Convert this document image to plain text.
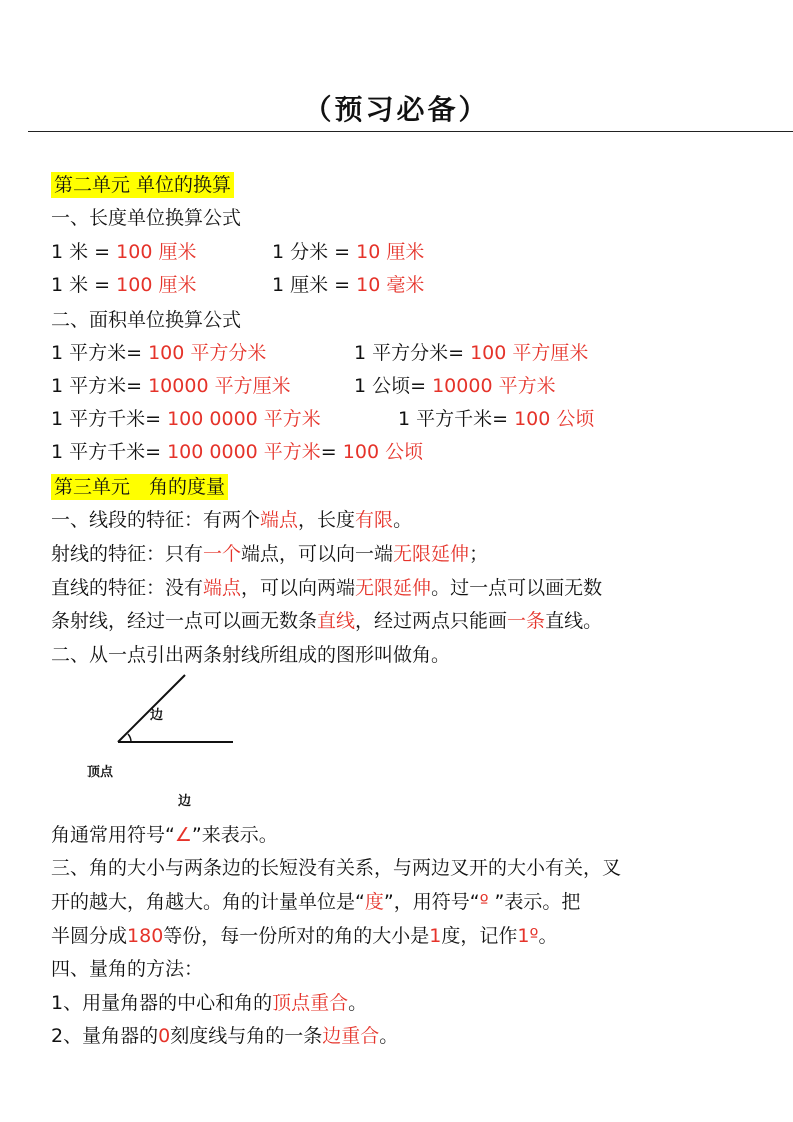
（预习必备）
第二单元 单位的换算
一、长度单位换算公式
1 米 = 100 厘米	1 分米 = 10 厘米
1 米 = 100 厘米	1 厘米 = 10 毫米
二、面积单位换算公式
1 平方米= 100 平方分米	1 平方分米= 100 平方厘米
1 平方米= 10000 平方厘米	1 公顷= 10000 平方米
1 平方千米= 100 0000 平方米	1 平方千米= 100 公顷
1 平方千米= 100 0000 平方米= 100 公顷
第三单元　角的度量
一、线段的特征：有两个端点，长度有限。
射线的特征：只有一个端点，可以向一端无限延伸；
直线的特征：没有端点，可以向两端无限延伸。过一点可以画无数
条射线，经过一点可以画无数条直线，经过两点只能画一条直线。
二、从一点引出两条射线所组成的图形叫做角。
边
顶点
边
角通常用符号“∠”来表示。
三、角的大小与两条边的长短没有关系，与两边叉开的大小有关，叉
开的越大，角越大。角的计量单位是“度”，用符号“º ”表示。把
半圆分成180等份，每一份所对的角的大小是1度，记作1º。
四、量角的方法：
1、用量角器的中心和角的顶点重合。
2、量角器的0刻度线与角的一条边重合。
